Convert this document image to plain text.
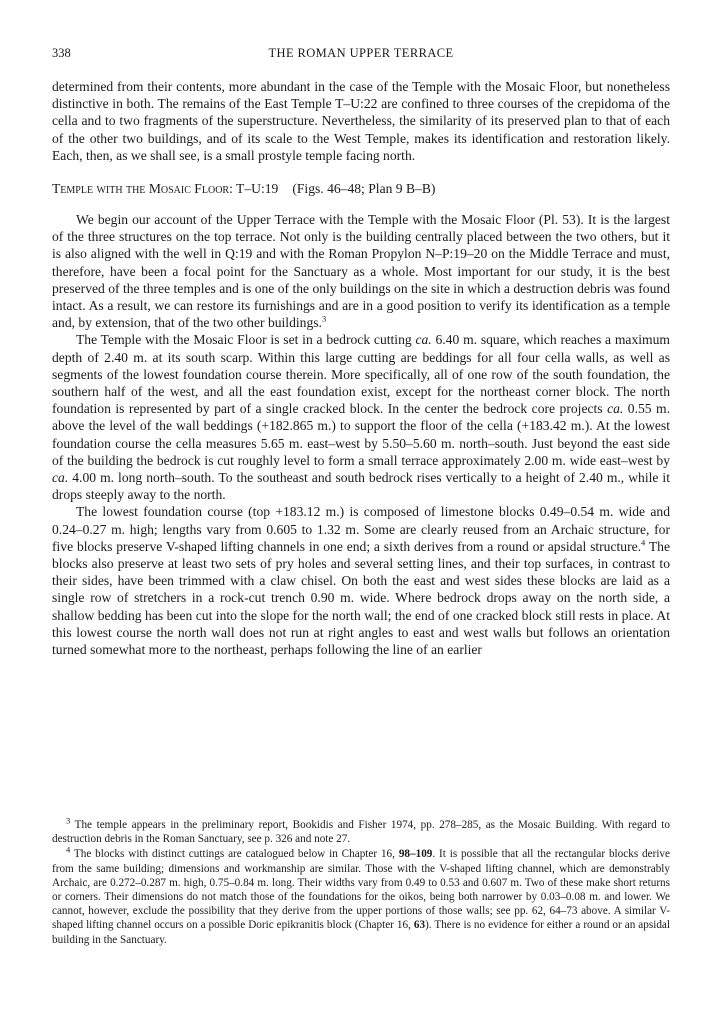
338	THE ROMAN UPPER TERRACE

determined from their contents, more abundant in the case of the Temple with the Mosaic Floor, but nonetheless distinctive in both. The remains of the East Temple T–U:22 are confined to three courses of the crepidoma of the cella and to two fragments of the superstructure. Nevertheless, the similarity of its preserved plan to that of each of the other two buildings, and of its scale to the West Temple, makes its identification and restoration likely. Each, then, as we shall see, is a small prostyle temple facing north.

Temple with the Mosaic Floor: T–U:19 (Figs. 46–48; Plan 9 B–B)

We begin our account of the Upper Terrace with the Temple with the Mosaic Floor (Pl. 53). It is the largest of the three structures on the top terrace. Not only is the building centrally placed between the two others, but it is also aligned with the well in Q:19 and with the Roman Propylon N–P:19–20 on the Middle Terrace and must, therefore, have been a focal point for the Sanctuary as a whole. Most important for our study, it is the best preserved of the three temples and is one of the only buildings on the site in which a destruction debris was found intact. As a result, we can restore its furnishings and are in a good position to verify its identification as a temple and, by extension, that of the two other buildings.$^3$

The Temple with the Mosaic Floor is set in a bedrock cutting ca. 6.40 m. square, which reaches a maximum depth of 2.40 m. at its south scarp. Within this large cutting are beddings for all four cella walls, as well as segments of the lowest foundation course therein. More specifically, all of one row of the south foundation, the southern half of the west, and all the east foundation exist, except for the northeast corner block. The north foundation is represented by part of a single cracked block. In the center the bedrock core projects ca. 0.55 m. above the level of the wall beddings (+182.865 m.) to support the floor of the cella (+183.42 m.). At the lowest foundation course the cella measures 5.65 m. east–west by 5.50–5.60 m. north–south. Just beyond the east side of the building the bedrock is cut roughly level to form a small terrace approximately 2.00 m. wide east–west by ca. 4.00 m. long north–south. To the southeast and south bedrock rises vertically to a height of 2.40 m., while it drops steeply away to the north.

The lowest foundation course (top +183.12 m.) is composed of limestone blocks 0.49–0.54 m. wide and 0.24–0.27 m. high; lengths vary from 0.605 to 1.32 m. Some are clearly reused from an Archaic structure, for five blocks preserve V-shaped lifting channels in one end; a sixth derives from a round or apsidal structure.$^4$ The blocks also preserve at least two sets of pry holes and several setting lines, and their top surfaces, in contrast to their sides, have been trimmed with a claw chisel. On both the east and west sides these blocks are laid as a single row of stretchers in a rock-cut trench 0.90 m. wide. Where bedrock drops away on the north side, a shallow bedding has been cut into the slope for the north wall; the end of one cracked block still rests in place. At this lowest course the north wall does not run at right angles to east and west walls but follows an orientation turned somewhat more to the northeast, perhaps following the line of an earlier

$^3$ The temple appears in the preliminary report, Bookidis and Fisher 1974, pp. 278–285, as the Mosaic Building. With regard to destruction debris in the Roman Sanctuary, see p. 326 and note 27.

$^4$ The blocks with distinct cuttings are catalogued below in Chapter 16, 98–109. It is possible that all the rectangular blocks derive from the same building; dimensions and workmanship are similar. Those with the V-shaped lifting channel, which are demonstrably Archaic, are 0.272–0.287 m. high, 0.75–0.84 m. long. Their widths vary from 0.49 to 0.53 and 0.607 m. Two of these make short returns or corners. Their dimensions do not match those of the foundations for the oikos, being both narrower by 0.03–0.08 m. and lower. We cannot, however, exclude the possibility that they derive from the upper portions of those walls; see pp. 62, 64–73 above. A similar V-shaped lifting channel occurs on a possible Doric epikranitis block (Chapter 16, 63). There is no evidence for either a round or an apsidal building in the Sanctuary.
